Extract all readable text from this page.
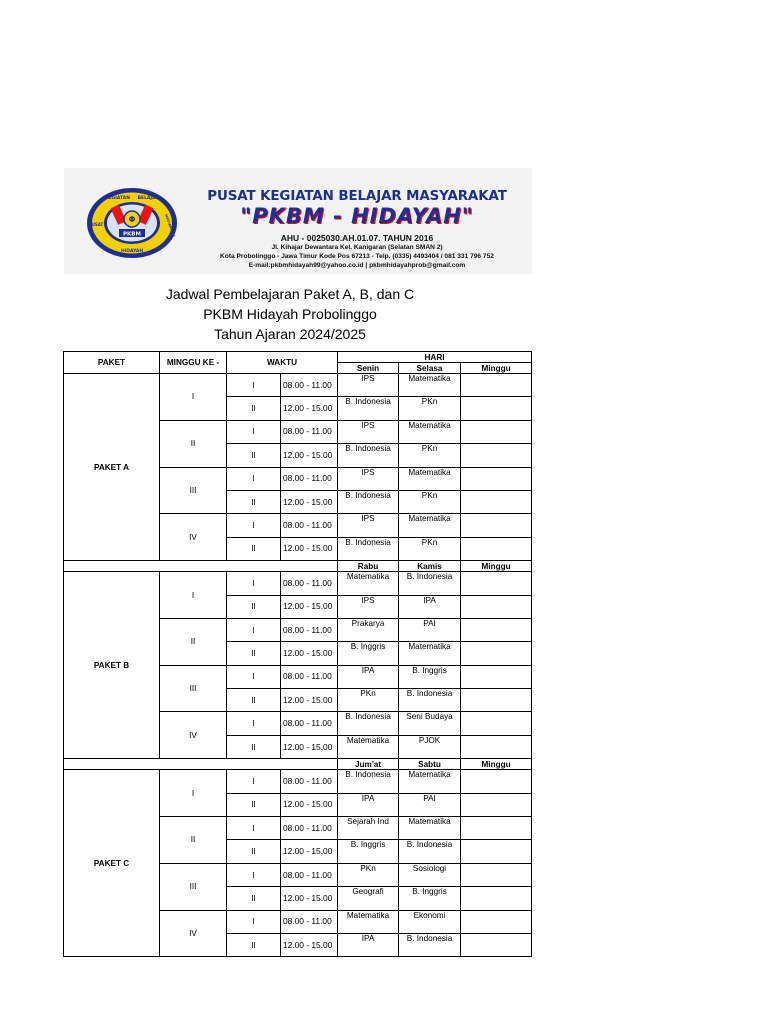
Φ
PKBM
KEGIATAN BELAJAR
HIDAYAH
PUSAT	MASYARAKAT
PUSAT KEGIATAN BELAJAR MASYARAKAT
"PKBM - HIDAYAH"
AHU - 0025030.AH.01.07. TAHUN 2016
Jl. Kihajar Dewantara Kel. Kanigaran (Selatan SMAN 2)
Kota Probolinggo - Jawa Timur Kode Pos 67213 - Telp. (0335) 4493404 / 081 331 796 752
E-mail:pkbmhidayah99@yahoo.co.id | pkbmhidayahprob@gmail.com
Jadwal Pembelajaran Paket A, B, dan C
PKBM Hidayah Probolinggo
Tahun Ajaran 2024/2025
PAKET	MINGGU KE -	WAKTU		HARI		
				Senin	Selasa	Minggu
PAKET A	I	I	08.00 - 11.00	IPS	Matematika	
		II	12.00 - 15.00	B. Indonesia	PKn	
	II	I	08.00 - 11.00	IPS	Matematika	
		II	12.00 - 15.00	B. Indonesia	PKn	
	III	I	08.00 - 11.00	IPS	Matematika	
		II	12.00 - 15.00	B. Indonesia	PKn	
	IV	I	08.00 - 11.00	IPS	Matematika	
		II	12.00 - 15.00	B. Indonesia	PKn	
				Rabu	Kamis	Minggu
PAKET B	I	I	08.00 - 11.00	Matematika	B. Indonesia	
		II	12.00 - 15.00	IPS	IPA	
	II	I	08.00 - 11.00	Prakarya	PAI	
		II	12.00 - 15.00	B. Inggris	Matematika	
	III	I	08.00 - 11.00	IPA	B. Inggris	
		II	12.00 - 15.00	PKn	B. Indonesia	
	IV	I	08.00 - 11.00	B. Indonesia	Seni Budaya	
		II	12.00 - 15.00	Matematika	PJOK	
				Jum'at	Sabtu	Minggu
PAKET C	I	I	08.00 - 11.00	B. Indonesia	Matematika	
		II	12.00 - 15.00	IPA	PAI	
	II	I	08.00 - 11.00	Sejarah Ind	Matematika	
		II	12.00 - 15.00	B. Inggris	B. Indonesia	
	III	I	08.00 - 11.00	PKn	Sosiologi	
		II	12.00 - 15.00	Geografi	B. Inggris	
	IV	I	08.00 - 11.00	Matematika	Ekonomi	
		II	12.00 - 15.00	IPA	B. Indonesia	
